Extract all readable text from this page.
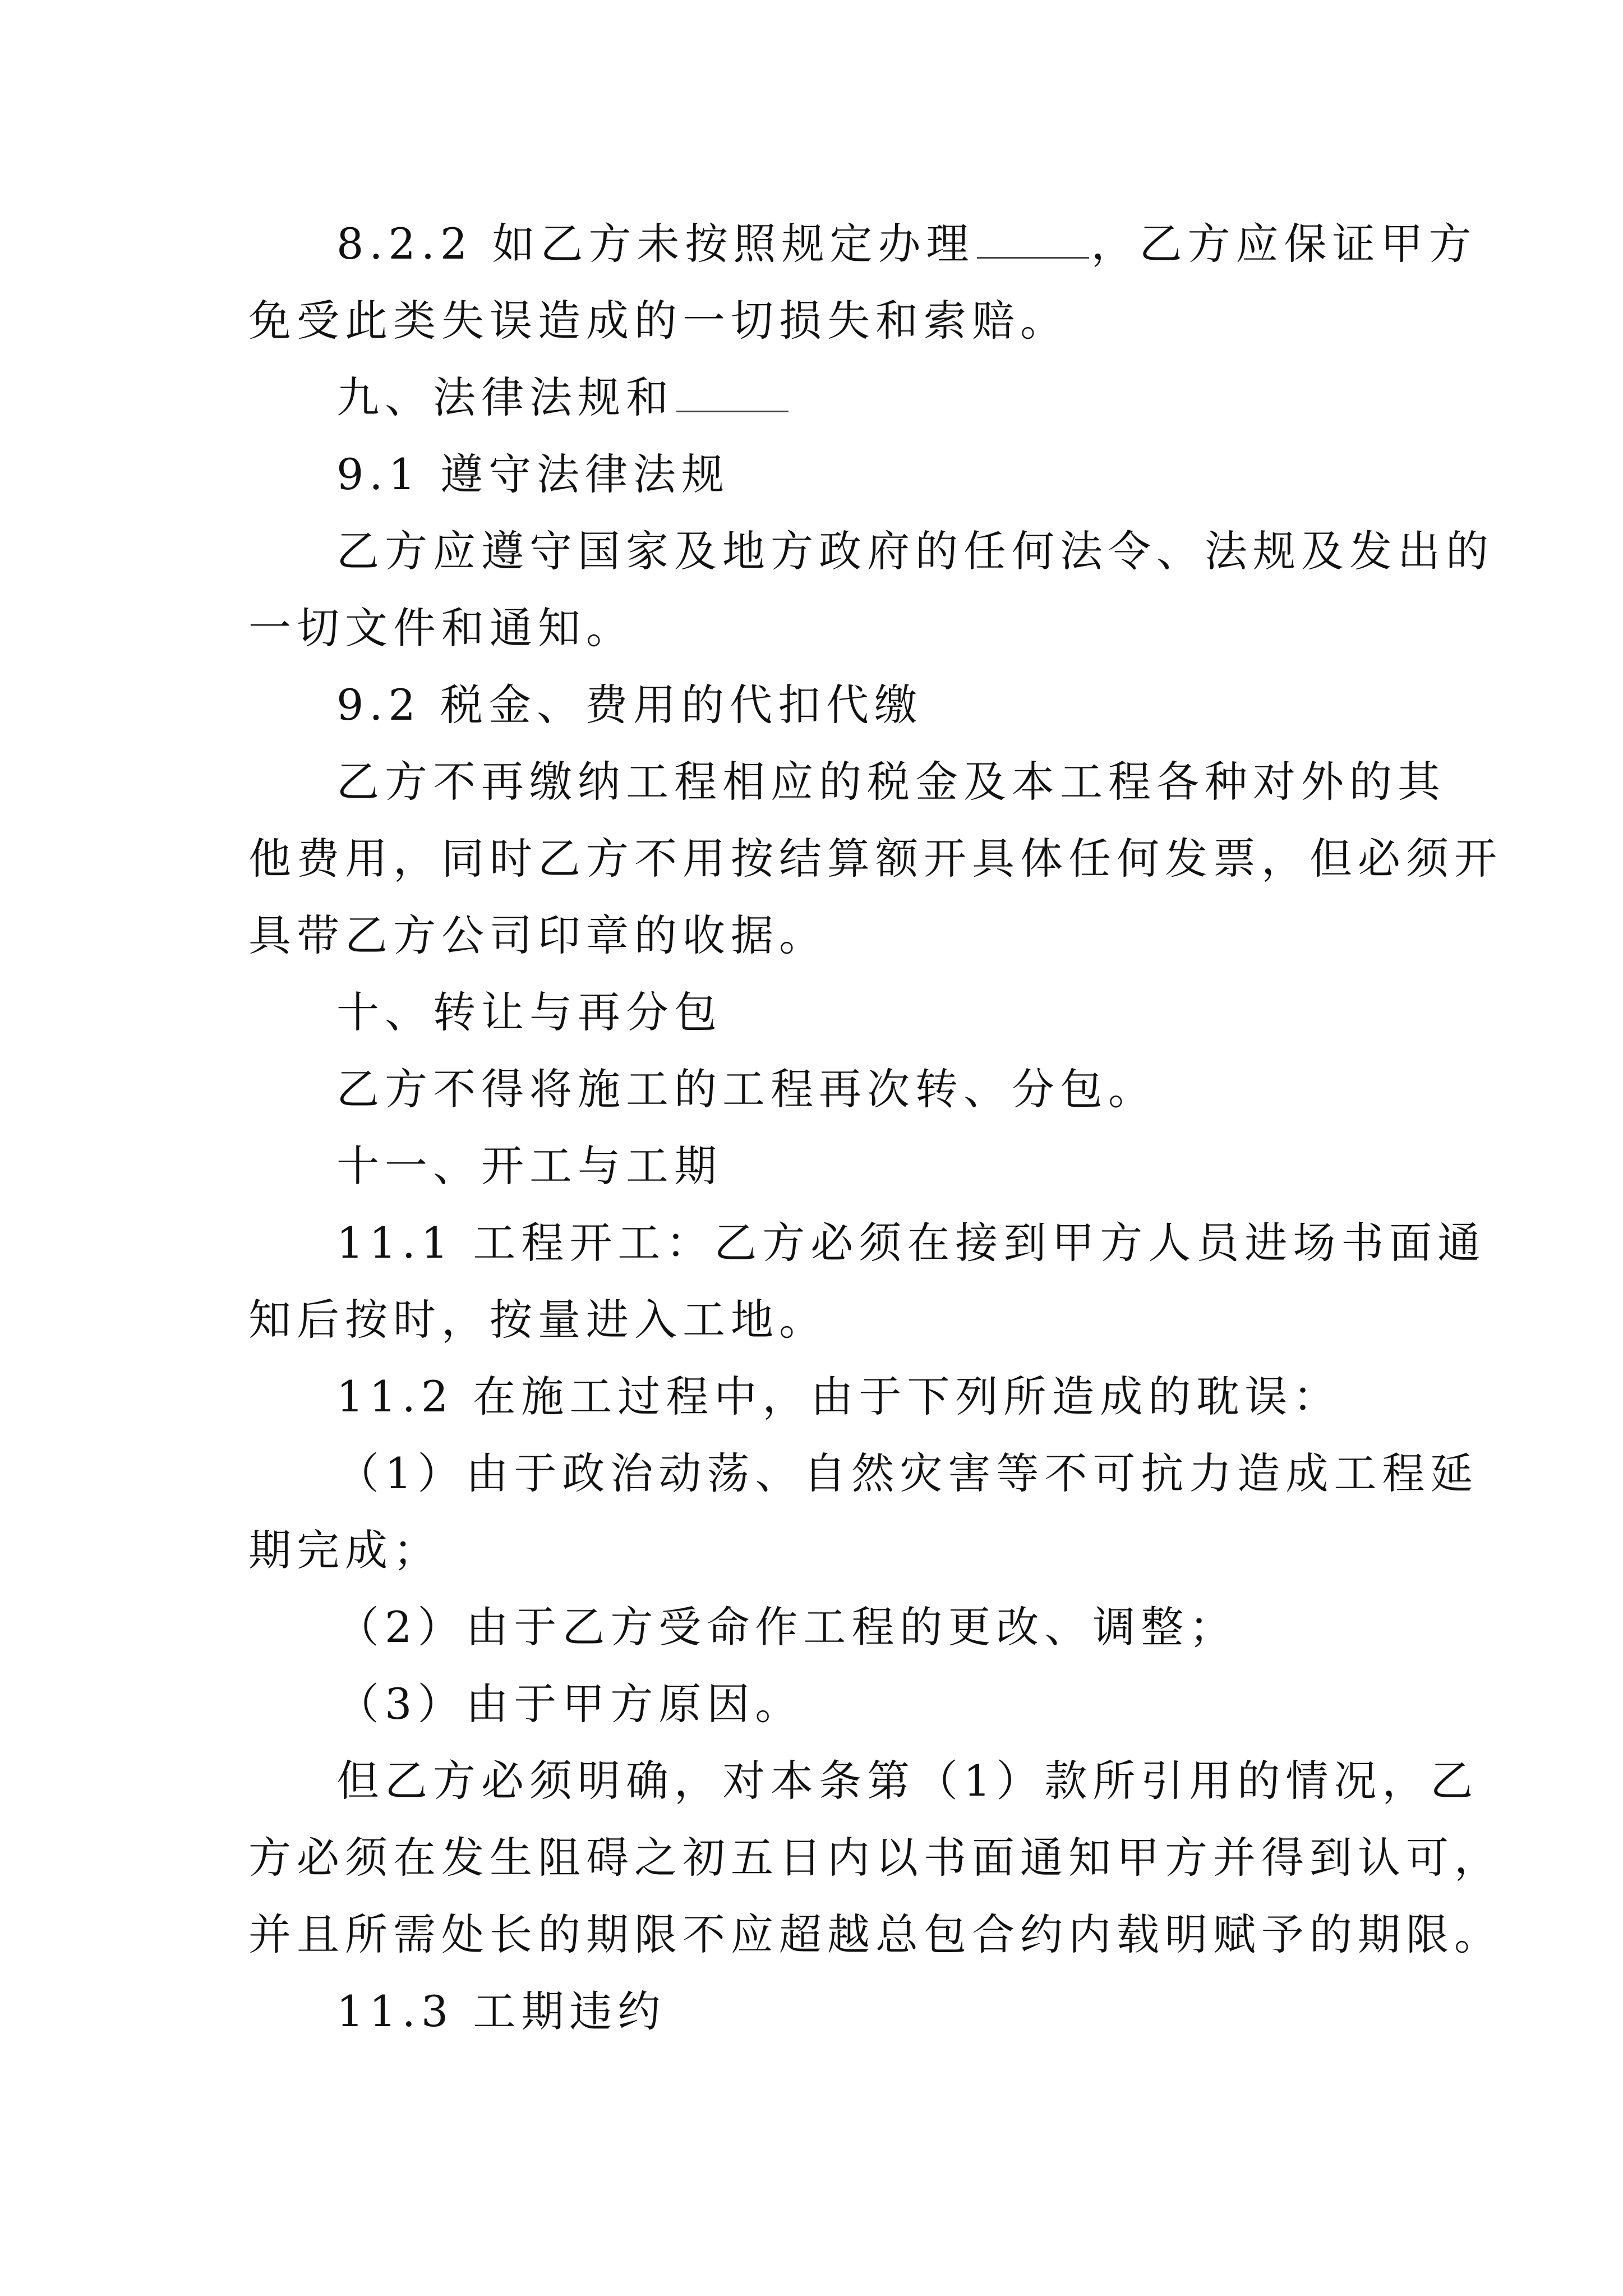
8.2.2 如乙方未按照规定办理	，乙方应保证甲方
免受此类失误造成的一切损失和索赔。
九、法律法规和
9.1 遵守法律法规
乙方应遵守国家及地方政府的任何法令、法规及发出的
一切文件和通知。
9.2 税金、费用的代扣代缴
乙方不再缴纳工程相应的税金及本工程各种对外的其
他费用，同时乙方不用按结算额开具体任何发票，但必须开
具带乙方公司印章的收据。
十、转让与再分包
乙方不得将施工的工程再次转、分包。
十一、开工与工期
11.1 工程开工：乙方必须在接到甲方人员进场书面通
知后按时，按量进入工地。
11.2 在施工过程中，由于下列所造成的耽误：
（1）由于政治动荡、自然灾害等不可抗力造成工程延
期完成；
（2）由于乙方受命作工程的更改、调整；
（3）由于甲方原因。
但乙方必须明确，对本条第（1）款所引用的情况，乙
方必须在发生阻碍之初五日内以书面通知甲方并得到认可，
并且所需处长的期限不应超越总包合约内载明赋予的期限。
11.3 工期违约
